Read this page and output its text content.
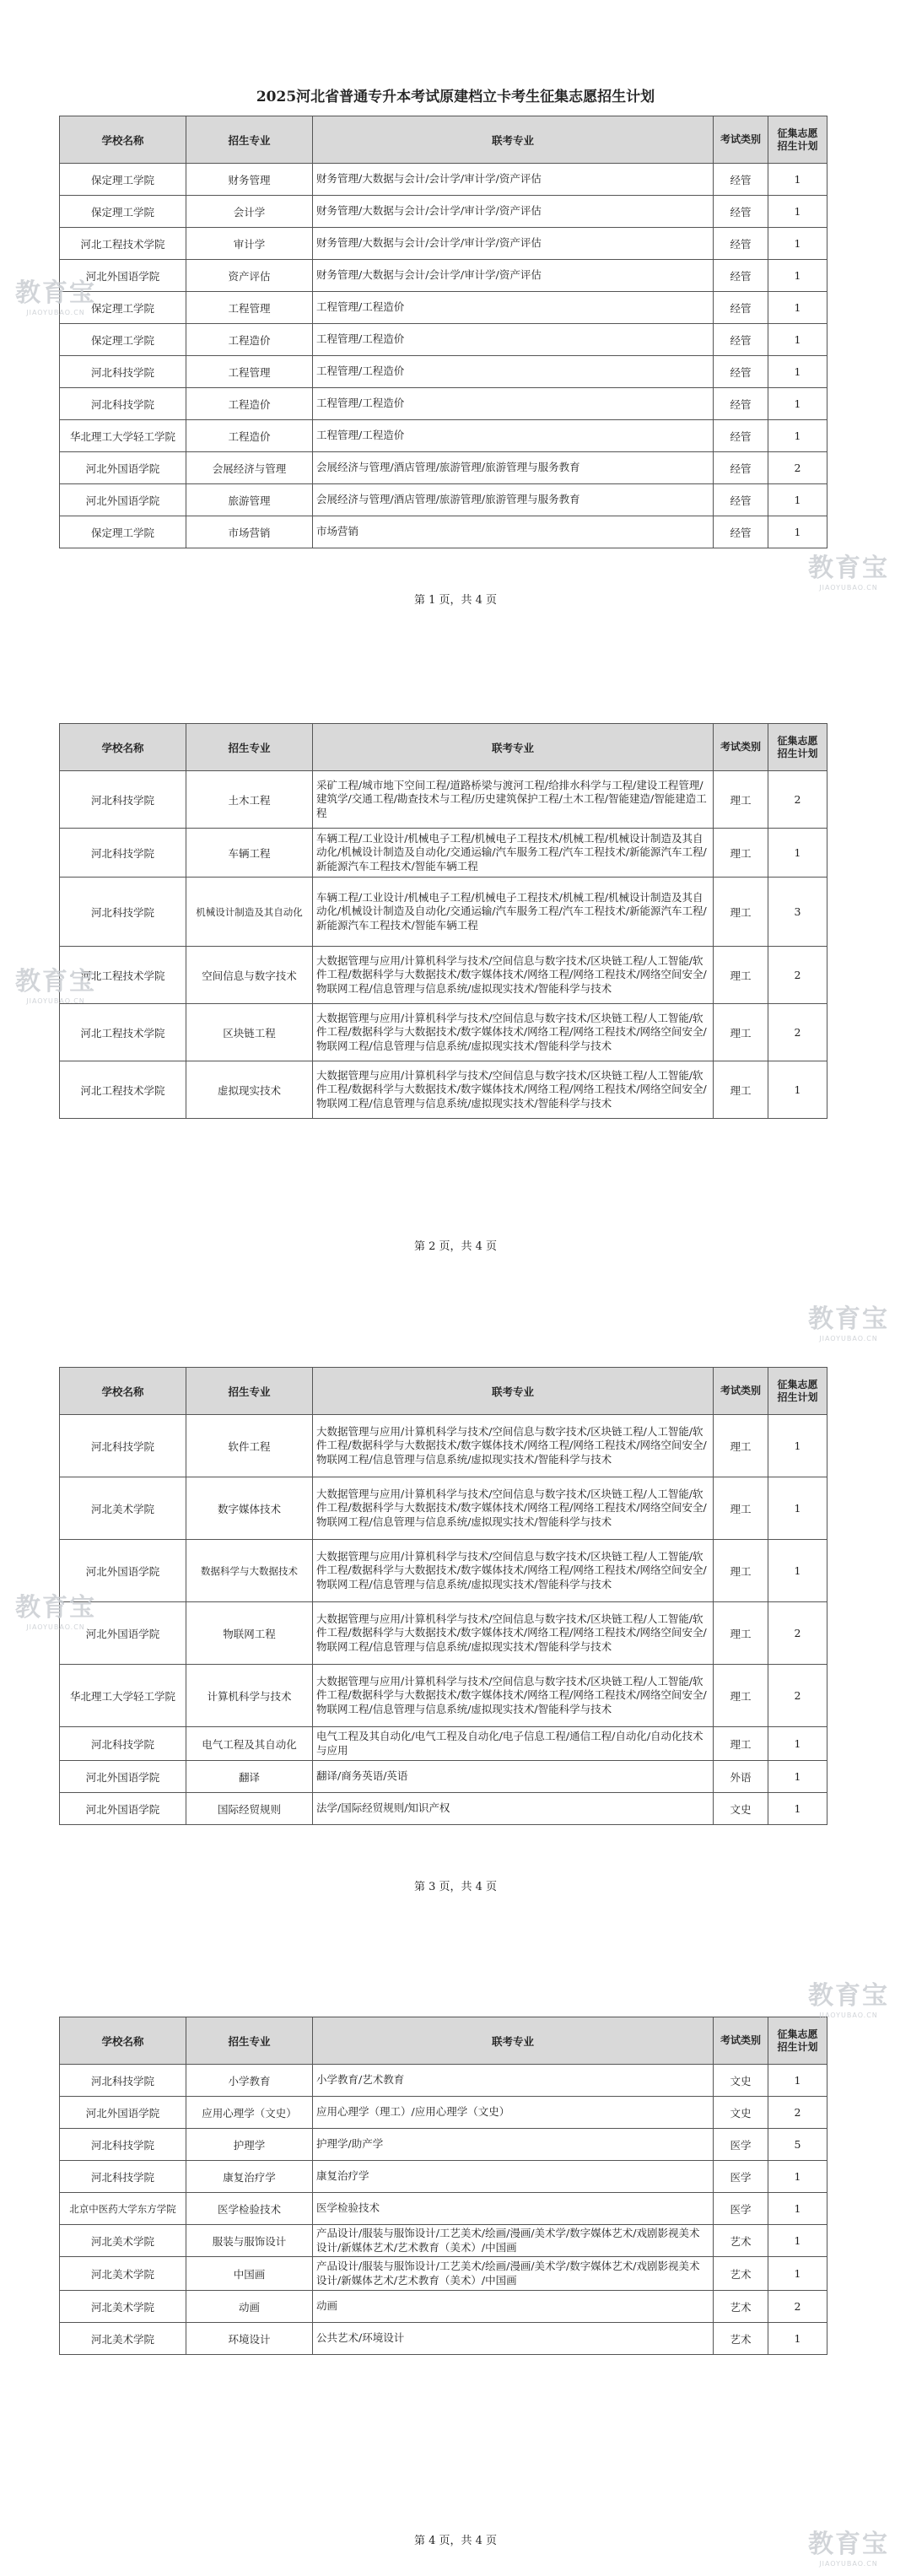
2025河北省普通专升本考试原建档立卡考生征集志愿招生计划
学校名称	招生专业	联考专业	考试类别	征集志愿招生计划
保定理工学院	财务管理	财务管理/大数据与会计/会计学/审计学/资产评估	经管	1
保定理工学院	会计学	财务管理/大数据与会计/会计学/审计学/资产评估	经管	1
河北工程技术学院	审计学	财务管理/大数据与会计/会计学/审计学/资产评估	经管	1
河北外国语学院	资产评估	财务管理/大数据与会计/会计学/审计学/资产评估	经管	1
保定理工学院	工程管理	工程管理/工程造价	经管	1
保定理工学院	工程造价	工程管理/工程造价	经管	1
河北科技学院	工程管理	工程管理/工程造价	经管	1
河北科技学院	工程造价	工程管理/工程造价	经管	1
华北理工大学轻工学院	工程造价	工程管理/工程造价	经管	1
河北外国语学院	会展经济与管理	会展经济与管理/酒店管理/旅游管理/旅游管理与服务教育	经管	2
河北外国语学院	旅游管理	会展经济与管理/酒店管理/旅游管理/旅游管理与服务教育	经管	1
保定理工学院	市场营销	市场营销	经管	1
学校名称	招生专业	联考专业	考试类别	征集志愿招生计划
河北科技学院	土木工程	采矿工程/城市地下空间工程/道路桥梁与渡河工程/给排水科学与工程/建设工程管理/建筑学/交通工程/勘查技术与工程/历史建筑保护工程/土木工程/智能建造/智能建造工程	理工	2
河北科技学院	车辆工程	车辆工程/工业设计/机械电子工程/机械电子工程技术/机械工程/机械设计制造及其自动化/机械设计制造及自动化/交通运输/汽车服务工程/汽车工程技术/新能源汽车工程/新能源汽车工程技术/智能车辆工程	理工	1
河北科技学院	机械设计制造及其自动化	车辆工程/工业设计/机械电子工程/机械电子工程技术/机械工程/机械设计制造及其自动化/机械设计制造及自动化/交通运输/汽车服务工程/汽车工程技术/新能源汽车工程/新能源汽车工程技术/智能车辆工程	理工	3
河北工程技术学院	空间信息与数字技术	大数据管理与应用/计算机科学与技术/空间信息与数字技术/区块链工程/人工智能/软件工程/数据科学与大数据技术/数字媒体技术/网络工程/网络工程技术/网络空间安全/物联网工程/信息管理与信息系统/虚拟现实技术/智能科学与技术	理工	2
河北工程技术学院	区块链工程	大数据管理与应用/计算机科学与技术/空间信息与数字技术/区块链工程/人工智能/软件工程/数据科学与大数据技术/数字媒体技术/网络工程/网络工程技术/网络空间安全/物联网工程/信息管理与信息系统/虚拟现实技术/智能科学与技术	理工	2
河北工程技术学院	虚拟现实技术	大数据管理与应用/计算机科学与技术/空间信息与数字技术/区块链工程/人工智能/软件工程/数据科学与大数据技术/数字媒体技术/网络工程/网络工程技术/网络空间安全/物联网工程/信息管理与信息系统/虚拟现实技术/智能科学与技术	理工	1
学校名称	招生专业	联考专业	考试类别	征集志愿招生计划
河北科技学院	软件工程	大数据管理与应用/计算机科学与技术/空间信息与数字技术/区块链工程/人工智能/软件工程/数据科学与大数据技术/数字媒体技术/网络工程/网络工程技术/网络空间安全/物联网工程/信息管理与信息系统/虚拟现实技术/智能科学与技术	理工	1
河北美术学院	数字媒体技术	大数据管理与应用/计算机科学与技术/空间信息与数字技术/区块链工程/人工智能/软件工程/数据科学与大数据技术/数字媒体技术/网络工程/网络工程技术/网络空间安全/物联网工程/信息管理与信息系统/虚拟现实技术/智能科学与技术	理工	1
河北外国语学院	数据科学与大数据技术	大数据管理与应用/计算机科学与技术/空间信息与数字技术/区块链工程/人工智能/软件工程/数据科学与大数据技术/数字媒体技术/网络工程/网络工程技术/网络空间安全/物联网工程/信息管理与信息系统/虚拟现实技术/智能科学与技术	理工	1
河北外国语学院	物联网工程	大数据管理与应用/计算机科学与技术/空间信息与数字技术/区块链工程/人工智能/软件工程/数据科学与大数据技术/数字媒体技术/网络工程/网络工程技术/网络空间安全/物联网工程/信息管理与信息系统/虚拟现实技术/智能科学与技术	理工	2
华北理工大学轻工学院	计算机科学与技术	大数据管理与应用/计算机科学与技术/空间信息与数字技术/区块链工程/人工智能/软件工程/数据科学与大数据技术/数字媒体技术/网络工程/网络工程技术/网络空间安全/物联网工程/信息管理与信息系统/虚拟现实技术/智能科学与技术	理工	2
河北科技学院	电气工程及其自动化	电气工程及其自动化/电气工程及自动化/电子信息工程/通信工程/自动化/自动化技术与应用	理工	1
河北外国语学院	翻译	翻译/商务英语/英语	外语	1
河北外国语学院	国际经贸规则	法学/国际经贸规则/知识产权	文史	1
学校名称	招生专业	联考专业	考试类别	征集志愿招生计划
河北科技学院	小学教育	小学教育/艺术教育	文史	1
河北外国语学院	应用心理学（文史）	应用心理学（理工）/应用心理学（文史）	文史	2
河北科技学院	护理学	护理学/助产学	医学	5
河北科技学院	康复治疗学	康复治疗学	医学	1
北京中医药大学东方学院	医学检验技术	医学检验技术	医学	1
河北美术学院	服装与服饰设计	产品设计/服装与服饰设计/工艺美术/绘画/漫画/美术学/数字媒体艺术/戏剧影视美术设计/新媒体艺术/艺术教育（美术）/中国画	艺术	1
河北美术学院	中国画	产品设计/服装与服饰设计/工艺美术/绘画/漫画/美术学/数字媒体艺术/戏剧影视美术设计/新媒体艺术/艺术教育（美术）/中国画	艺术	1
河北美术学院	动画	动画	艺术	2
河北美术学院	环境设计	公共艺术/环境设计	艺术	1
教育宝
JIAOYUBAO.CN
教育宝
JIAOYUBAO.CN
教育宝
JIAOYUBAO.CN
教育宝
JIAOYUBAO.CN
教育宝
JIAOYUBAO.CN
教育宝
JIAOYUBAO.CN
教育宝
JIAOYUBAO.CN
第 1 页，共 4 页
第 2 页，共 4 页
第 3 页，共 4 页
第 4 页，共 4 页
